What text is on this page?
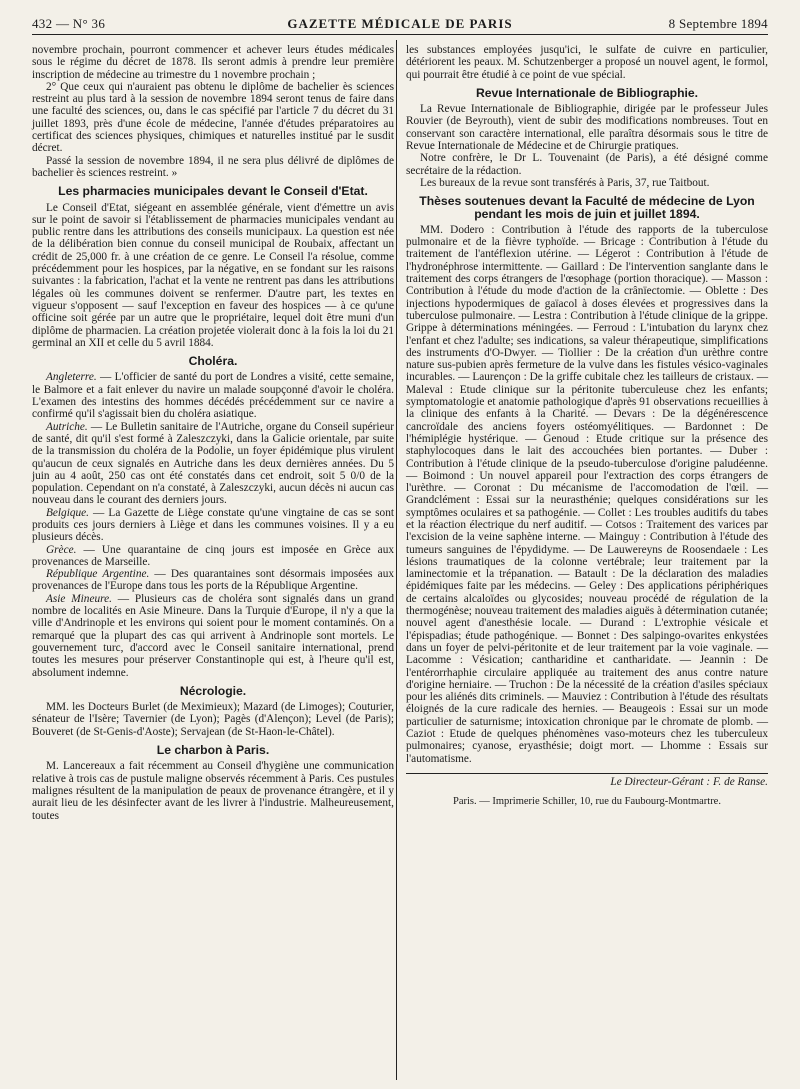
432 — N° 36	GAZETTE MÉDICALE DE PARIS	8 Septembre 1894

novembre prochain, pourront commencer et achever leurs études médicales sous le régime du décret de 1878. Ils seront admis à prendre leur première inscription de médecine au trimestre du 1 novembre prochain ;

2° Que ceux qui n'auraient pas obtenu le diplôme de bachelier ès sciences restreint au plus tard à la session de novembre 1894 seront tenus de faire dans une faculté des sciences, ou, dans le cas spécifié par l'article 7 du décret du 31 juillet 1893, près d'une école de médecine, l'année d'études préparatoires au certificat des sciences physiques, chimiques et naturelles institué par le susdit décret.

Passé la session de novembre 1894, il ne sera plus délivré de diplômes de bachelier ès sciences restreint. »

Les pharmacies municipales devant le Conseil d'Etat.

Le Conseil d'Etat, siégeant en assemblée générale, vient d'émettre un avis sur le point de savoir si l'établissement de pharmacies municipales vendant au public rentre dans les attributions des conseils municipaux. La question est née de la délibération bien connue du conseil municipal de Roubaix, affectant un crédit de 25,000 fr. à une création de ce genre. Le Conseil l'a résolue, comme précédemment pour les hospices, par la négative, en se fondant sur les raisons suivantes : la fabrication, l'achat et la vente ne rentrent pas dans les attributions légales où les communes doivent se renfermer. D'autre part, les textes en vigueur s'opposent — sauf l'exception en faveur des hospices — à ce qu'une officine soit gérée par un autre que le propriétaire, lequel doit être muni d'un diplôme de pharmacien. La création projetée violerait donc à la fois la loi du 21 germinal an XII et celle du 5 avril 1884.

Choléra.

Angleterre. — L'officier de santé du port de Londres a visité, cette semaine, le Balmore et a fait enlever du navire un malade soupçonné d'avoir le choléra. L'examen des intestins des hommes décédés précédemment sur ce navire a confirmé qu'il s'agissait bien du choléra asiatique.

Autriche. — Le Bulletin sanitaire de l'Autriche, organe du Conseil supérieur de santé, dit qu'il s'est formé à Zaleszczyki, dans la Galicie orientale, par suite de la transmission du choléra de la Podolie, un foyer épidémique plus virulent qu'aucun de ceux signalés en Autriche dans les deux dernières années. Du 5 juin au 4 août, 250 cas ont été constatés dans cet endroit, soit 5 0/0 de la population. Cependant on n'a constaté, à Zaleszczyki, aucun décès ni aucun cas nouveau dans le courant des derniers jours.

Belgique. — La Gazette de Liège constate qu'une vingtaine de cas se sont produits ces jours derniers à Liège et dans les communes voisines. Il y a eu plusieurs décès.

Grèce. — Une quarantaine de cinq jours est imposée en Grèce aux provenances de Marseille.

République Argentine. — Des quarantaines sont désormais imposées aux provenances de l'Europe dans tous les ports de la République Argentine.

Asie Mineure. — Plusieurs cas de choléra sont signalés dans un grand nombre de localités en Asie Mineure. Dans la Turquie d'Europe, il n'y a que la ville d'Andrinople et les environs qui soient pour le moment contaminés. On a remarqué que la plupart des cas qui arrivent à Andrinople sont mortels. Le gouvernement turc, d'accord avec le Conseil sanitaire international, prend toutes les mesures pour préserver Constantinople qui est, à l'heure qu'il est, absolument indemne.

Nécrologie.

MM. les Docteurs Burlet (de Meximieux); Mazard (de Limoges); Couturier, sénateur de l'Isère; Tavernier (de Lyon); Pagès (d'Alençon); Level (de Paris); Bouveret (de St-Genis-d'Aoste); Servajean (de St-Haon-le-Châtel).

Le charbon à Paris.

M. Lancereaux a fait récemment au Conseil d'hygiène une communication relative à trois cas de pustule maligne observés récemment à Paris. Ces pustules malignes résultent de la manipulation de peaux de provenance étrangère, et il y aurait lieu de les désinfecter avant de les livrer à l'industrie. Malheureusement, toutes

les substances employées jusqu'ici, le sulfate de cuivre en particulier, détériorent les peaux. M. Schutzenberger a proposé un nouvel agent, le formol, qui pourrait être étudié à ce point de vue spécial.

Revue Internationale de Bibliographie.

La Revue Internationale de Bibliographie, dirigée par le professeur Jules Rouvier (de Beyrouth), vient de subir des modifications nombreuses. Tout en conservant son caractère international, elle paraîtra désormais sous le titre de Revue Internationale de Médecine et de Chirurgie pratiques.

Notre confrère, le Dr L. Touvenaint (de Paris), a été désigné comme secrétaire de la rédaction.

Les bureaux de la revue sont transférés à Paris, 37, rue Taitbout.

Thèses soutenues devant la Faculté de médecine de Lyon
pendant les mois de juin et juillet 1894.

MM. Dodero : Contribution à l'étude des rapports de la tuberculose pulmonaire et de la fièvre typhoïde. — Bricage : Contribution à l'étude du traitement de l'antéflexion utérine. — Légerot : Contribution à l'étude de l'hydronéphrose intermittente. — Gaillard : De l'intervention sanglante dans le traitement des corps étrangers de l'œsophage (portion thoracique). — Masson : Contribution à l'étude du mode d'action de la crânïectomie. — Oblette : Des injections hypodermiques de gaïacol à doses élevées et progressives dans la tuberculose pulmonaire. — Lestra : Contribution à l'étude clinique de la grippe. Grippe à déterminations méningées. — Ferroud : L'intubation du larynx chez l'enfant et chez l'adulte; ses indications, sa valeur thérapeutique, simplifications des instruments d'O-Dwyer. — Tiollier : De la création d'un urèthre contre nature sus-pubien après fermeture de la vulve dans les fistules vésico-vaginales incurables. — Laurençon : De la griffe cubitale chez les tailleurs de cristaux. — Maleval : Etude clinique sur la péritonite tuberculeuse chez les enfants; symptomatologie et anatomie pathologique d'après 91 observations recueillies à la clinique des enfants à la Charité. — Devars : De la dégénérescence cancroïdale des anciens foyers ostéomyélitiques. — Bardonnet : De l'hémiplégie hystérique. — Genoud : Etude critique sur la présence des staphylocoques dans le lait des accouchées bien portantes. — Duber : Contribution à l'étude clinique de la pseudo-tuberculose d'origine paludéenne. — Boimond : Un nouvel appareil pour l'extraction des corps étrangers de l'urèthre. — Coronat : Du mécanisme de l'accomodation de l'œil. — Grandclément : Essai sur la neurasthénie; quelques considérations sur les symptômes oculaires et sa pathogénie. — Collet : Les troubles auditifs du tabes et la réaction électrique du nerf auditif. — Cotsos : Traitement des varices par l'excision de la veine saphène interne. — Mainguy : Contribution à l'étude des tumeurs sanguines de l'épydidyme. — De Lauwereyns de Roosendaele : Les lésions traumatiques de la colonne vertébrale; leur traitement par la laminectomie et la trépanation. — Batault : De la déclaration des maladies épidémiques faite par les médecins. — Geley : Des applications périphériques de certains alcaloïdes ou glycosides; nouveau procédé de régulation de la thermogénèse; nouveau traitement des maladies aiguës à détermination cutanée; nouvel agent d'anesthésie locale. — Durand : L'extrophie vésicale et l'épispadias; étude pathogénique. — Bonnet : Des salpingo-ovarites enkystées dans un foyer de pelvi-péritonite et de leur traitement par la voie vaginale. — Lacomme : Vésication; cantharidine et cantharidate. — Jeannin : De l'entérorrhaphie circulaire appliquée au traitement des anus contre nature d'origine herniaire. — Truchon : De la nécessité de la création d'asiles spéciaux pour les aliénés dits criminels. — Mauviez : Contribution à l'étude des résultats éloignés de la cure radicale des hernies. — Beaugeois : Essai sur un mode particulier de saturnisme; intoxication chronique par le chromate de plomb. — Caziot : Etude de quelques phénomènes vaso-moteurs chez les tuberculeux pulmonaires; cyanose, eryasthésie; doigt mort. — Lhomme : Essais sur l'automatisme.

Le Directeur-Gérant : F. de Ranse.
Paris. — Imprimerie Schiller, 10, rue du Faubourg-Montmartre.
